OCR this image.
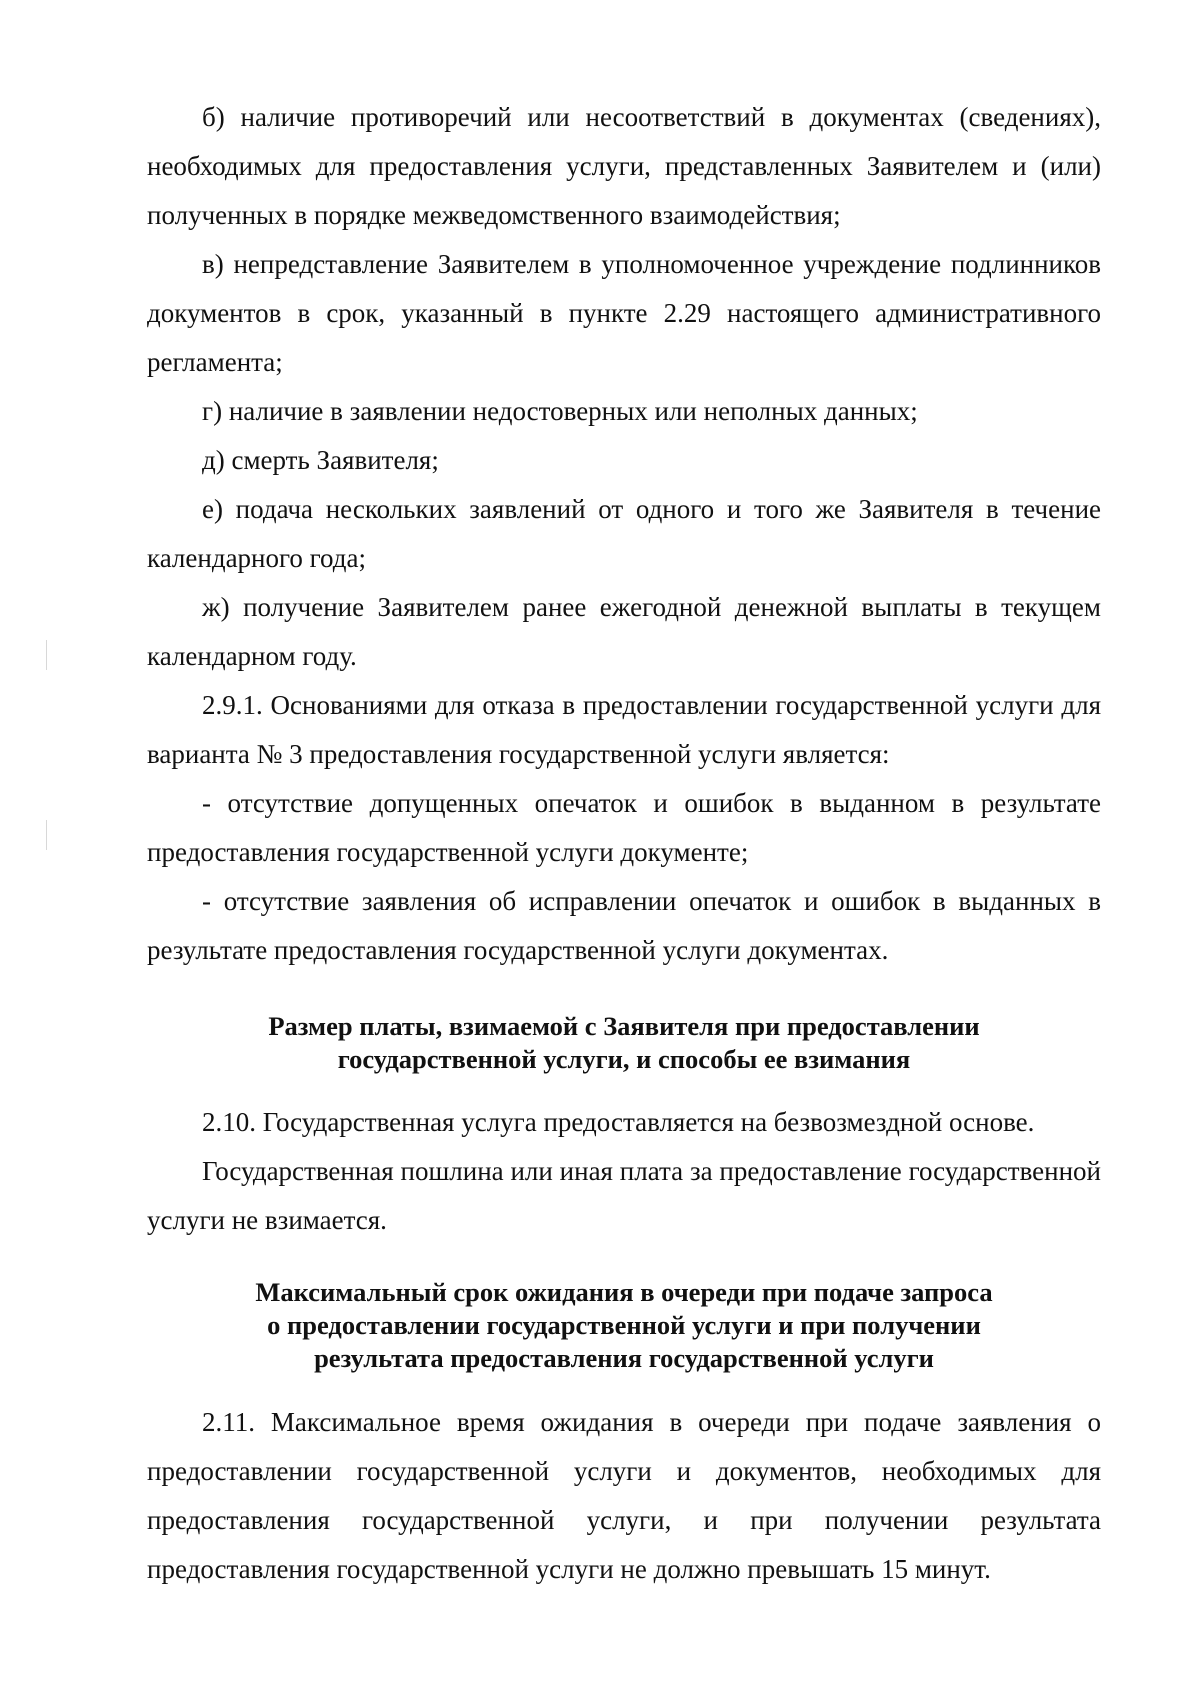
б) наличие противоречий или несоответствий в документах (сведениях), необходимых для предоставления услуги, представленных Заявителем и (или) полученных в порядке межведомственного взаимодействия;

в) непредставление Заявителем в уполномоченное учреждение подлинников документов в срок, указанный в пункте 2.29 настоящего административного регламента;

г) наличие в заявлении недостоверных или неполных данных;

д) смерть Заявителя;

е) подача нескольких заявлений от одного и того же Заявителя в течение календарного года;

ж) получение Заявителем ранее ежегодной денежной выплаты в текущем календарном году.

2.9.1. Основаниями для отказа в предоставлении государственной услуги для варианта № 3 предоставления государственной услуги является:

- отсутствие допущенных опечаток и ошибок в выданном в результате предоставления государственной услуги документе;

- отсутствие заявления об исправлении опечаток и ошибок в выданных в результате предоставления государственной услуги документах.

Размер платы, взимаемой с Заявителя при предоставлении
государственной услуги, и способы ее взимания

2.10. Государственная услуга предоставляется на безвозмездной основе.

Государственная пошлина или иная плата за предоставление государственной услуги не взимается.

Максимальный срок ожидания в очереди при подаче запроса
о предоставлении государственной услуги и при получении
результата предоставления государственной услуги

2.11. Максимальное время ожидания в очереди при подаче заявления о предоставлении государственной услуги и документов, необходимых для предоставления государственной услуги, и при получении результата предоставления государственной услуги не должно превышать 15 минут.
